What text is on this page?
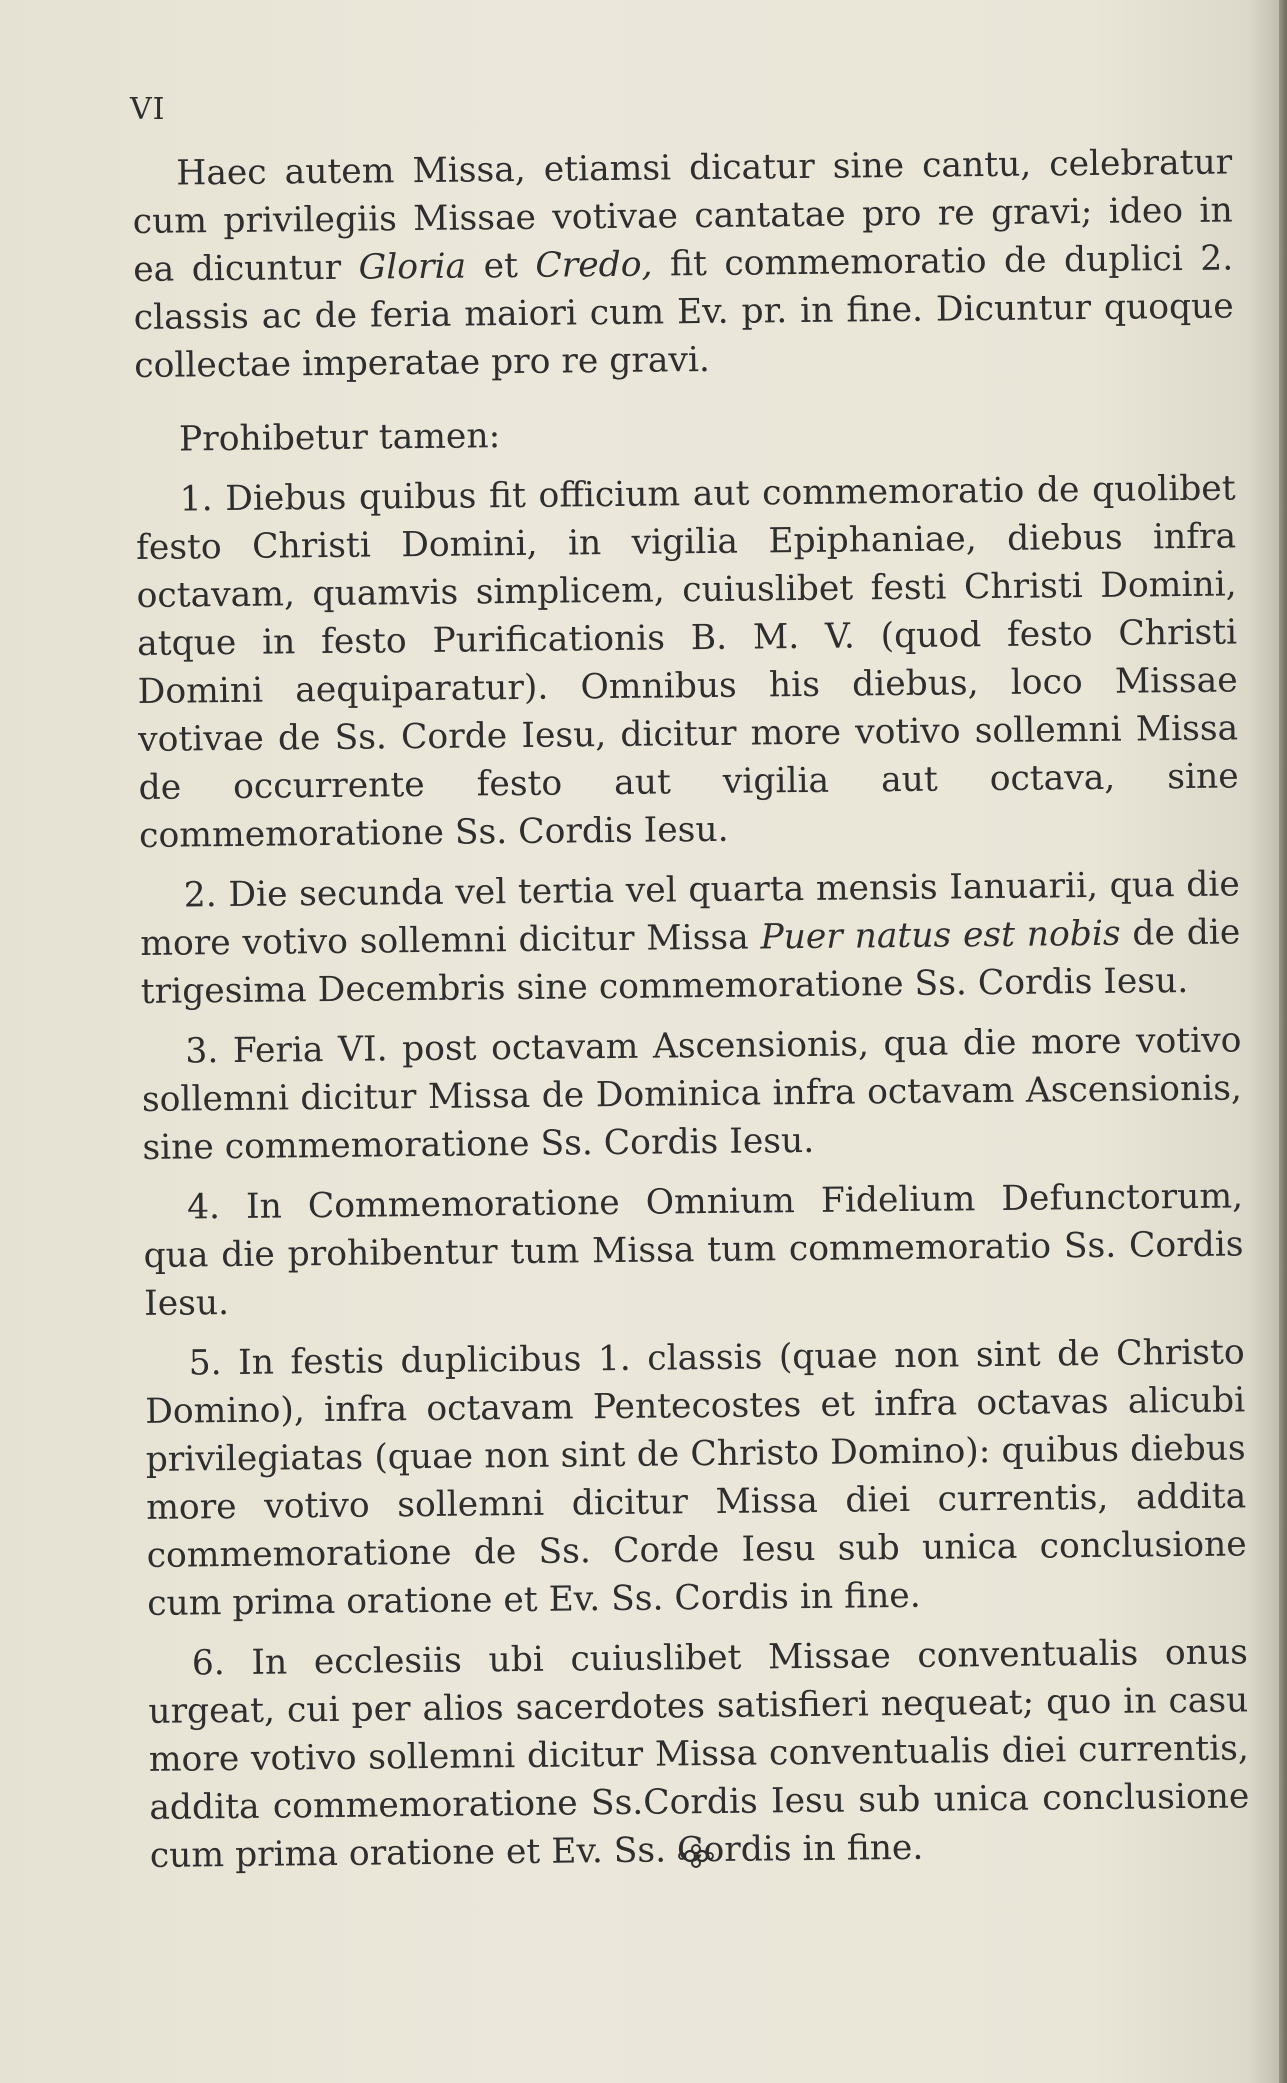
VI

Haec autem Missa, etiamsi dicatur sine cantu, celebratur cum privilegiis Missae votivae cantatae pro re gravi; ideo in ea dicuntur Gloria et Credo, fit commemoratio de duplici 2. classis ac de feria maiori cum Ev. pr. in fine. Dicuntur quoque collectae imperatae pro re gravi.

Prohibetur tamen:

1. Diebus quibus fit officium aut commemoratio de quolibet festo Christi Domini, in vigilia Epiphaniae, diebus infra octavam, quamvis simplicem, cuiuslibet festi Christi Domini, atque in festo Purificationis B. M. V. (quod festo Christi Domini aequiparatur). Omnibus his diebus, loco Missae votivae de Ss. Corde Iesu, dicitur more votivo sollemni Missa de occurrente festo aut vigilia aut octava, sine commemoratione Ss. Cordis Iesu.

2. Die secunda vel tertia vel quarta mensis Ianuarii, qua die more votivo sollemni dicitur Missa Puer natus est nobis de die trigesima Decembris sine commemoratione Ss. Cordis Iesu.

3. Feria VI. post octavam Ascensionis, qua die more votivo sollemni dicitur Missa de Dominica infra octavam Ascensionis, sine commemoratione Ss. Cordis Iesu.

4. In Commemoratione Omnium Fidelium Defunctorum, qua die prohibentur tum Missa tum commemoratio Ss. Cordis Iesu.

5. In festis duplicibus 1. classis (quae non sint de Christo Domino), infra octavam Pentecostes et infra octavas alicubi privilegiatas (quae non sint de Christo Domino): quibus diebus more votivo sollemni dicitur Missa diei currentis, addita commemoratione de Ss. Corde Iesu sub unica conclusione cum prima oratione et Ev. Ss. Cordis in fine.

6. In ecclesiis ubi cuiuslibet Missae conventualis onus urgeat, cui per alios sacerdotes satisfieri nequeat; quo in casu more votivo sollemni dicitur Missa conventualis diei currentis, addita commemoratione Ss.Cordis Iesu sub unica conclusione cum prima oratione et Ev. Ss. Cordis in fine.
